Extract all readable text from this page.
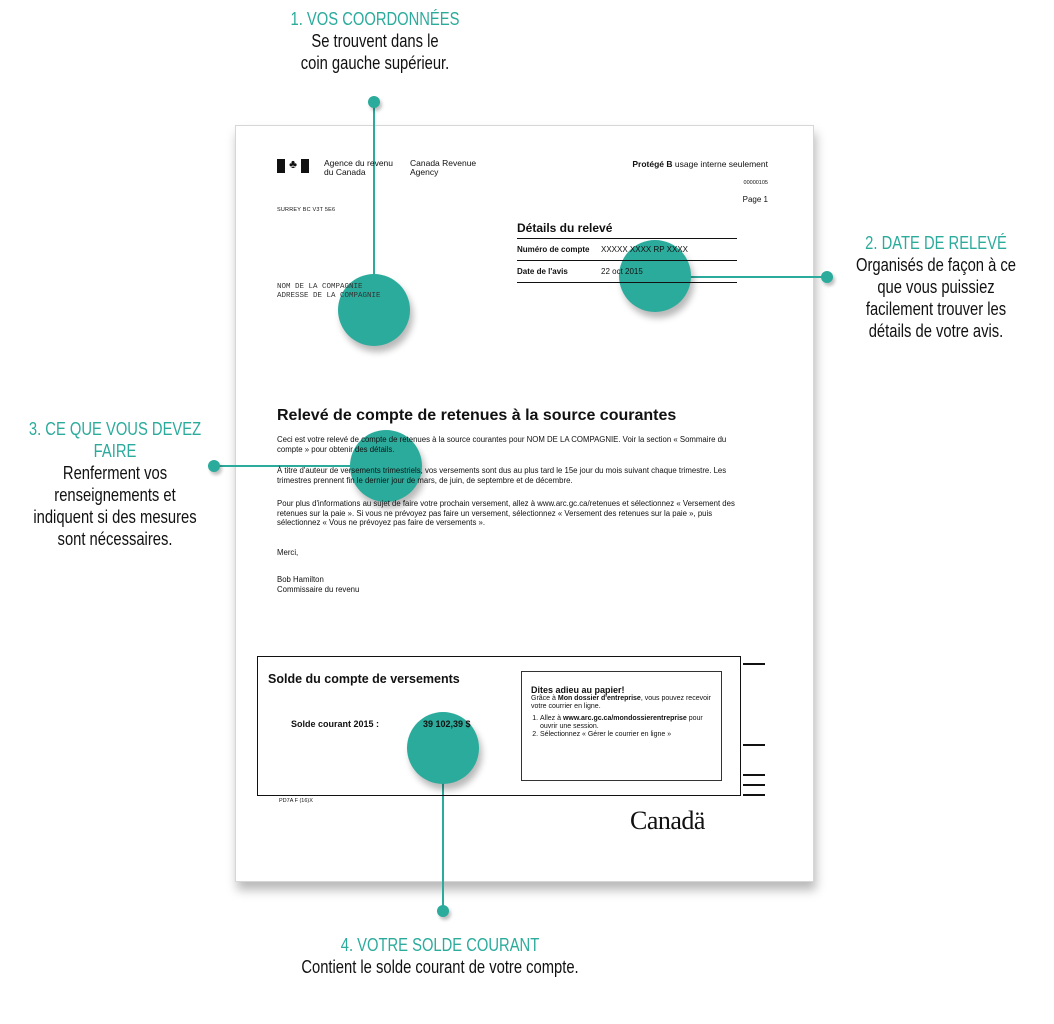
♣	Agence du revenu
du Canada
Canada Revenue
Agency
SURREY BC V3T 5E6
Protégé B usage interne seulement
00000105
Page 1
Détails du relevé
Numéro de compte	XXXXX XXXX RP XXXX
Date de l'avis	22 oct 2015
NOM DE LA COMPAGNIE
ADRESSE DE LA COMPAGNIE
Relevé de compte de retenues à la source courantes
Ceci est votre relevé de compte de retenues à la source courantes pour NOM DE LA COMPAGNIE. Voir la section « Sommaire du compte » pour obtenir des détails.
À titre d'auteur de versements trimestriels, vos versements sont dus au plus tard le 15e jour du mois suivant chaque trimestre. Les trimestres prennent fin le dernier jour de mars, de juin, de septembre et de décembre.
Pour plus d'informations au sujet de faire votre prochain versement, allez à www.arc.gc.ca/retenues et sélectionnez « Versement des retenues sur la paie ». Si vous ne prévoyez pas faire un versement, sélectionnez « Versement des retenues sur la paie », puis sélectionnez « Vous ne prévoyez pas faire de versements ».
Merci,
Bob Hamilton
Commissaire du revenu
Solde du compte de versements
Solde courant 2015 :	39 102,39 $
Dites adieu au papier!
Grâce à Mon dossier d'entreprise, vous pouvez recevoir votre courrier en ligne.
1. Allez à www.arc.gc.ca/mondossierentreprise pour ouvrir une session.
2. Sélectionnez « Gérer le courrier en ligne »
PD7A F (16)X
Canadä
1. VOS COORDONNÉES
Se trouvent dans le
coin gauche supérieur.
2. DATE DE RELEVÉ
Organisés de façon à ce
que vous puissiez
facilement trouver les
détails de votre avis.
3. CE QUE VOUS DEVEZ
FAIRE
Renferment vos
renseignements et
indiquent si des mesures
sont nécessaires.
4. VOTRE SOLDE COURANT
Contient le solde courant de votre compte.
